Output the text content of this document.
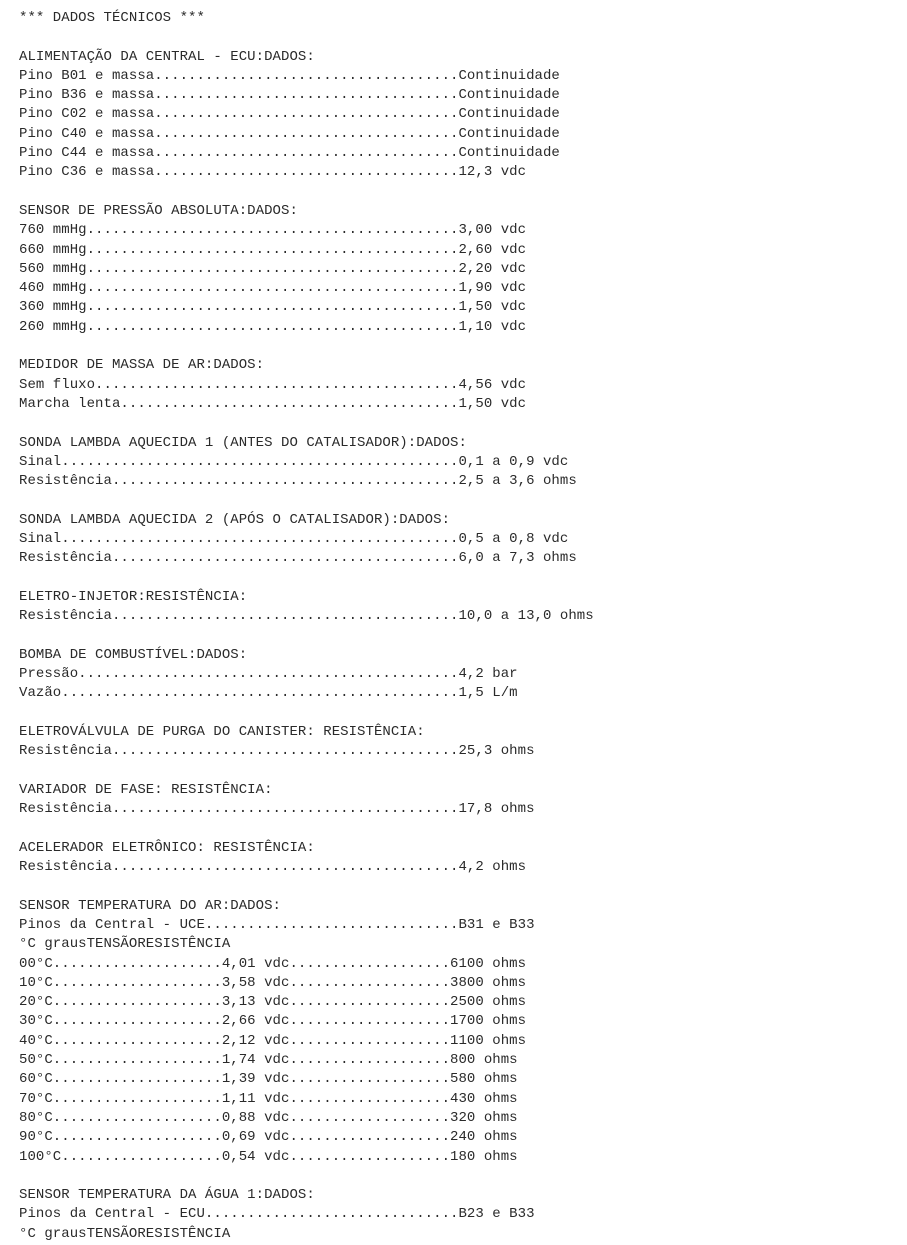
*** DADOS TÉCNICOS ***
ALIMENTAÇÃO DA CENTRAL - ECU:DADOS:
Pino B01 e massa....................................Continuidade
Pino B36 e massa....................................Continuidade
Pino C02 e massa....................................Continuidade
Pino C40 e massa....................................Continuidade
Pino C44 e massa....................................Continuidade
Pino C36 e massa....................................12,3 vdc
SENSOR DE PRESSÃO ABSOLUTA:DADOS:
760 mmHg............................................3,00 vdc
660 mmHg............................................2,60 vdc
560 mmHg............................................2,20 vdc
460 mmHg............................................1,90 vdc
360 mmHg............................................1,50 vdc
260 mmHg............................................1,10 vdc
MEDIDOR DE MASSA DE AR:DADOS:
Sem fluxo...........................................4,56 vdc
Marcha lenta........................................1,50 vdc
SONDA LAMBDA AQUECIDA 1 (ANTES DO CATALISADOR):DADOS:
Sinal...............................................0,1 a 0,9 vdc
Resistência.........................................2,5 a 3,6 ohms
SONDA LAMBDA AQUECIDA 2 (APÓS O CATALISADOR):DADOS:
Sinal...............................................0,5 a 0,8 vdc
Resistência.........................................6,0 a 7,3 ohms
ELETRO-INJETOR:RESISTÊNCIA:
Resistência.........................................10,0 a 13,0 ohms
BOMBA DE COMBUSTÍVEL:DADOS:
Pressão.............................................4,2 bar
Vazão...............................................1,5 L/m
ELETROVÁLVULA DE PURGA DO CANISTER: RESISTÊNCIA:
Resistência.........................................25,3 ohms
VARIADOR DE FASE: RESISTÊNCIA:
Resistência.........................................17,8 ohms
ACELERADOR ELETRÔNICO: RESISTÊNCIA:
Resistência.........................................4,2 ohms
SENSOR TEMPERATURA DO AR:DADOS:
Pinos da Central - UCE..............................B31 e B33
°C grausTENSÃORESISTÊNCIA
00°C....................4,01 vdc...................6100 ohms
10°C....................3,58 vdc...................3800 ohms
20°C....................3,13 vdc...................2500 ohms
30°C....................2,66 vdc...................1700 ohms
40°C....................2,12 vdc...................1100 ohms
50°C....................1,74 vdc...................800 ohms
60°C....................1,39 vdc...................580 ohms
70°C....................1,11 vdc...................430 ohms
80°C....................0,88 vdc...................320 ohms
90°C....................0,69 vdc...................240 ohms
100°C...................0,54 vdc...................180 ohms
SENSOR TEMPERATURA DA ÁGUA 1:DADOS:
Pinos da Central - ECU..............................B23 e B33
°C grausTENSÃORESISTÊNCIA
